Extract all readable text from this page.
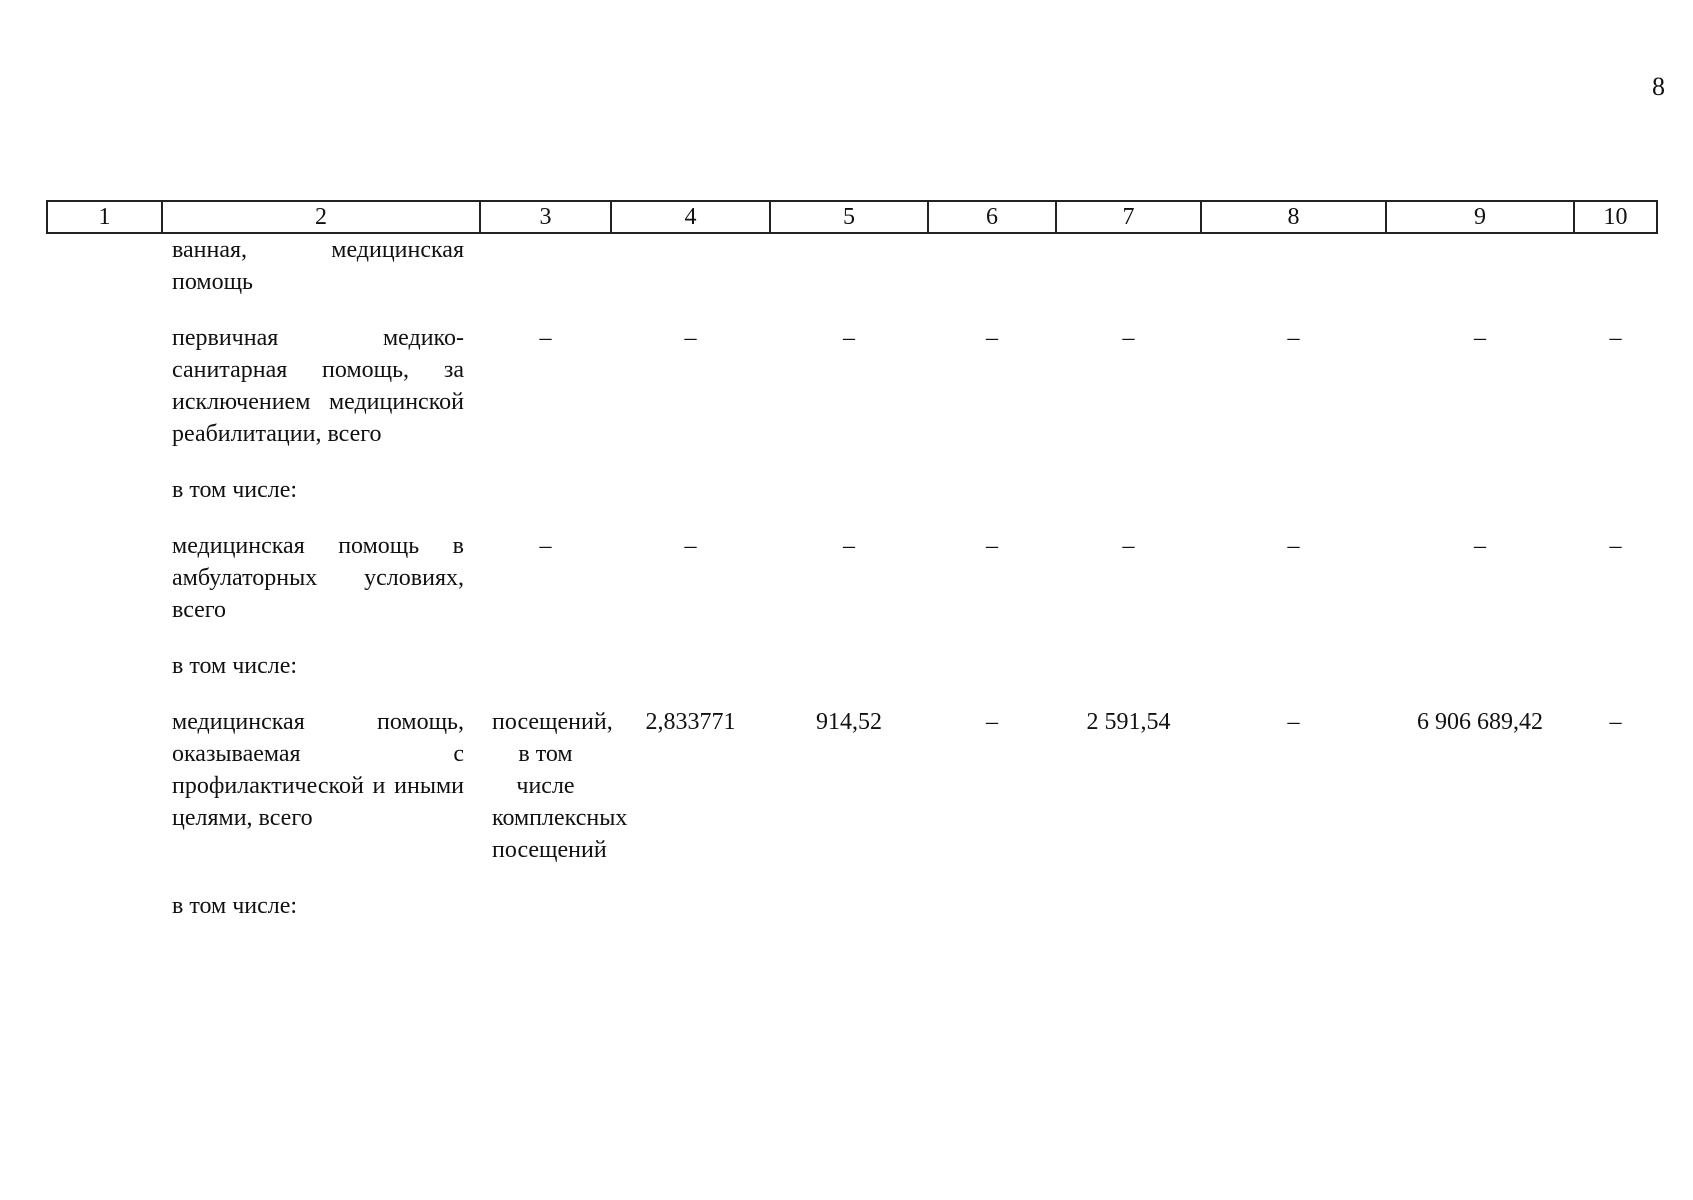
8
1	2	3	4	5	6	7	8	9	10
	ванная, медицинская помощь								

	первичная медико-санитарная помощь, за исключением медицинской реабилитации, всего	–	–	–	–	–	–	–	–

	в том числе:								

	медицинская помощь в амбулаторных условиях, всего	–	–	–	–	–	–	–	–

	в том числе:								

	медицинская помощь, оказываемая с профилактической и иными целями, всего	посещений, в том числе комплексных посещений	2,833771	914,52	–	2 591,54	–	6 906 689,42	–

	в том числе:								
